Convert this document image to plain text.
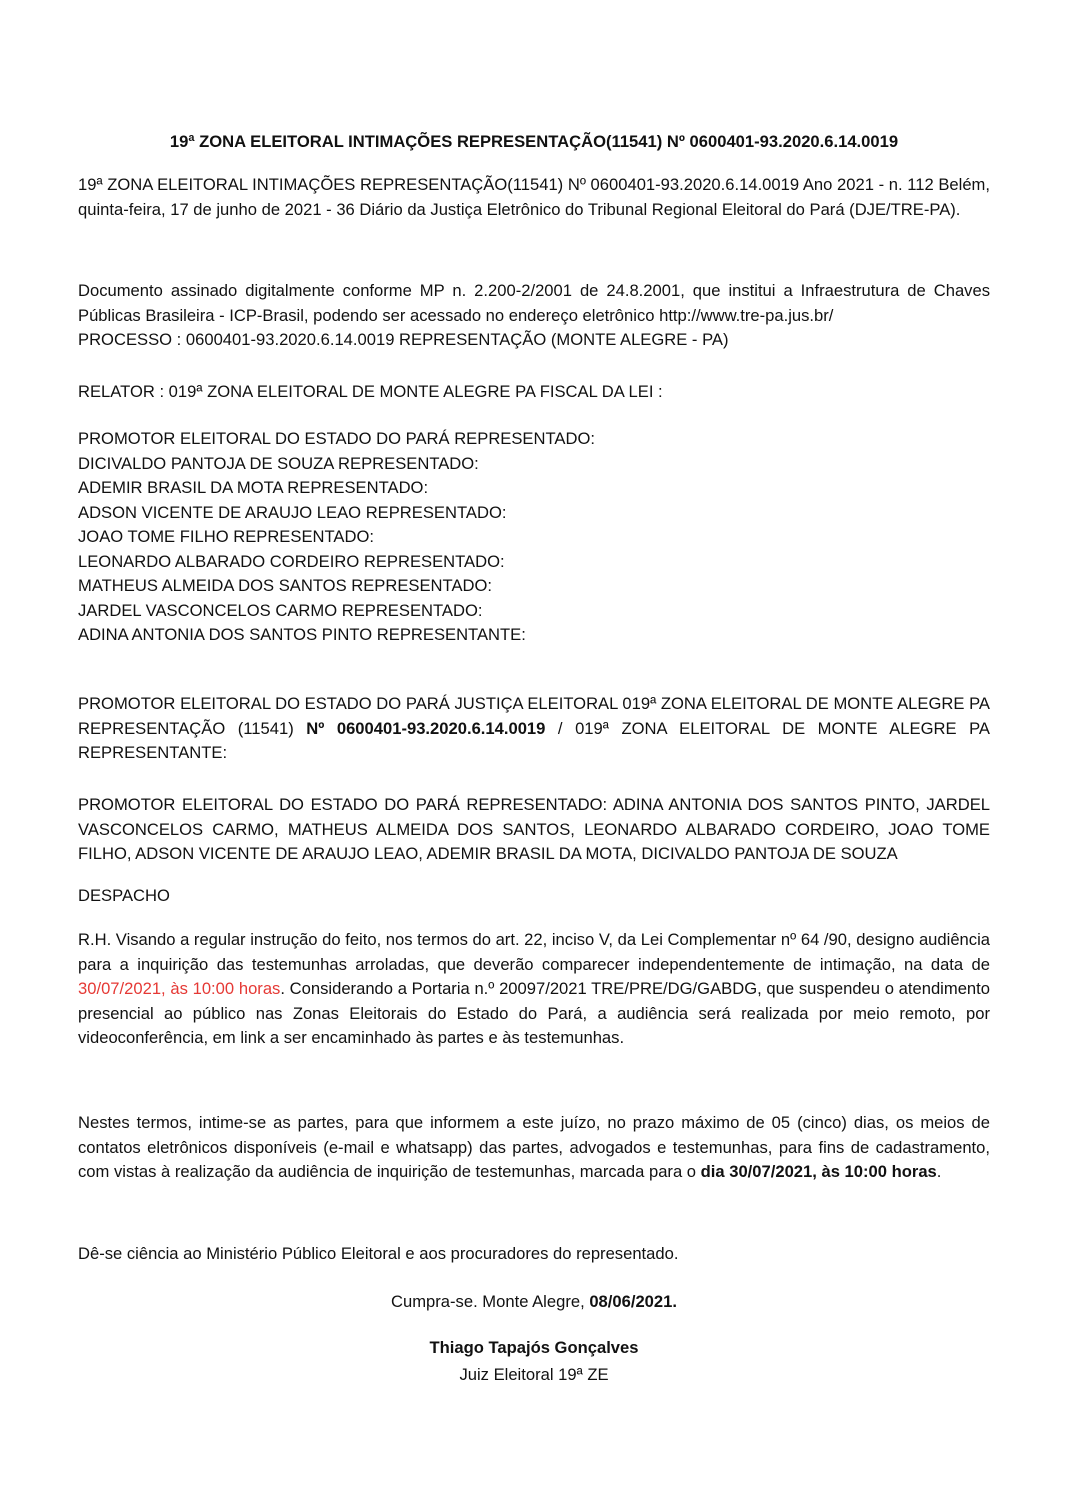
19ª ZONA ELEITORAL INTIMAÇÕES REPRESENTAÇÃO(11541) Nº 0600401-93.2020.6.14.0019

19ª ZONA ELEITORAL INTIMAÇÕES REPRESENTAÇÃO(11541) Nº 0600401-93.2020.6.14.0019 Ano 2021 - n. 112 Belém, quinta-feira, 17 de junho de 2021 - 36 Diário da Justiça Eletrônico do Tribunal Regional Eleitoral do Pará (DJE/TRE-PA).

Documento assinado digitalmente conforme MP n. 2.200-2/2001 de 24.8.2001, que institui a Infraestrutura de Chaves Públicas Brasileira - ICP-Brasil, podendo ser acessado no endereço eletrônico http://www.tre-pa.jus.br/

PROCESSO : 0600401-93.2020.6.14.0019 REPRESENTAÇÃO (MONTE ALEGRE - PA)

RELATOR : 019ª ZONA ELEITORAL DE MONTE ALEGRE PA FISCAL DA LEI :

PROMOTOR ELEITORAL DO ESTADO DO PARÁ REPRESENTADO:
DICIVALDO PANTOJA DE SOUZA REPRESENTADO:
ADEMIR BRASIL DA MOTA REPRESENTADO:
ADSON VICENTE DE ARAUJO LEAO REPRESENTADO:
JOAO TOME FILHO REPRESENTADO:
LEONARDO ALBARADO CORDEIRO REPRESENTADO:
MATHEUS ALMEIDA DOS SANTOS REPRESENTADO:
JARDEL VASCONCELOS CARMO REPRESENTADO:
ADINA ANTONIA DOS SANTOS PINTO REPRESENTANTE:

PROMOTOR ELEITORAL DO ESTADO DO PARÁ JUSTIÇA ELEITORAL 019ª ZONA ELEITORAL DE MONTE ALEGRE PA REPRESENTAÇÃO (11541) Nº 0600401-93.2020.6.14.0019 / 019ª ZONA ELEITORAL DE MONTE ALEGRE PA REPRESENTANTE:

PROMOTOR ELEITORAL DO ESTADO DO PARÁ REPRESENTADO: ADINA ANTONIA DOS SANTOS PINTO, JARDEL VASCONCELOS CARMO, MATHEUS ALMEIDA DOS SANTOS, LEONARDO ALBARADO CORDEIRO, JOAO TOME FILHO, ADSON VICENTE DE ARAUJO LEAO, ADEMIR BRASIL DA MOTA, DICIVALDO PANTOJA DE SOUZA

DESPACHO

R.H. Visando a regular instrução do feito, nos termos do art. 22, inciso V, da Lei Complementar nº 64 /90, designo audiência para a inquirição das testemunhas arroladas, que deverão comparecer independentemente de intimação, na data de 30/07/2021, às 10:00 horas. Considerando a Portaria n.º 20097/2021 TRE/PRE/DG/GABDG, que suspendeu o atendimento presencial ao público nas Zonas Eleitorais do Estado do Pará, a audiência será realizada por meio remoto, por videoconferência, em link a ser encaminhado às partes e às testemunhas.

Nestes termos, intime-se as partes, para que informem a este juízo, no prazo máximo de 05 (cinco) dias, os meios de contatos eletrônicos disponíveis (e-mail e whatsapp) das partes, advogados e testemunhas, para fins de cadastramento, com vistas à realização da audiência de inquirição de testemunhas, marcada para o dia 30/07/2021, às 10:00 horas.

Dê-se ciência ao Ministério Público Eleitoral e aos procuradores do representado.

Cumpra-se. Monte Alegre, 08/06/2021.
Thiago Tapajós Gonçalves
Juiz Eleitoral 19ª ZE
